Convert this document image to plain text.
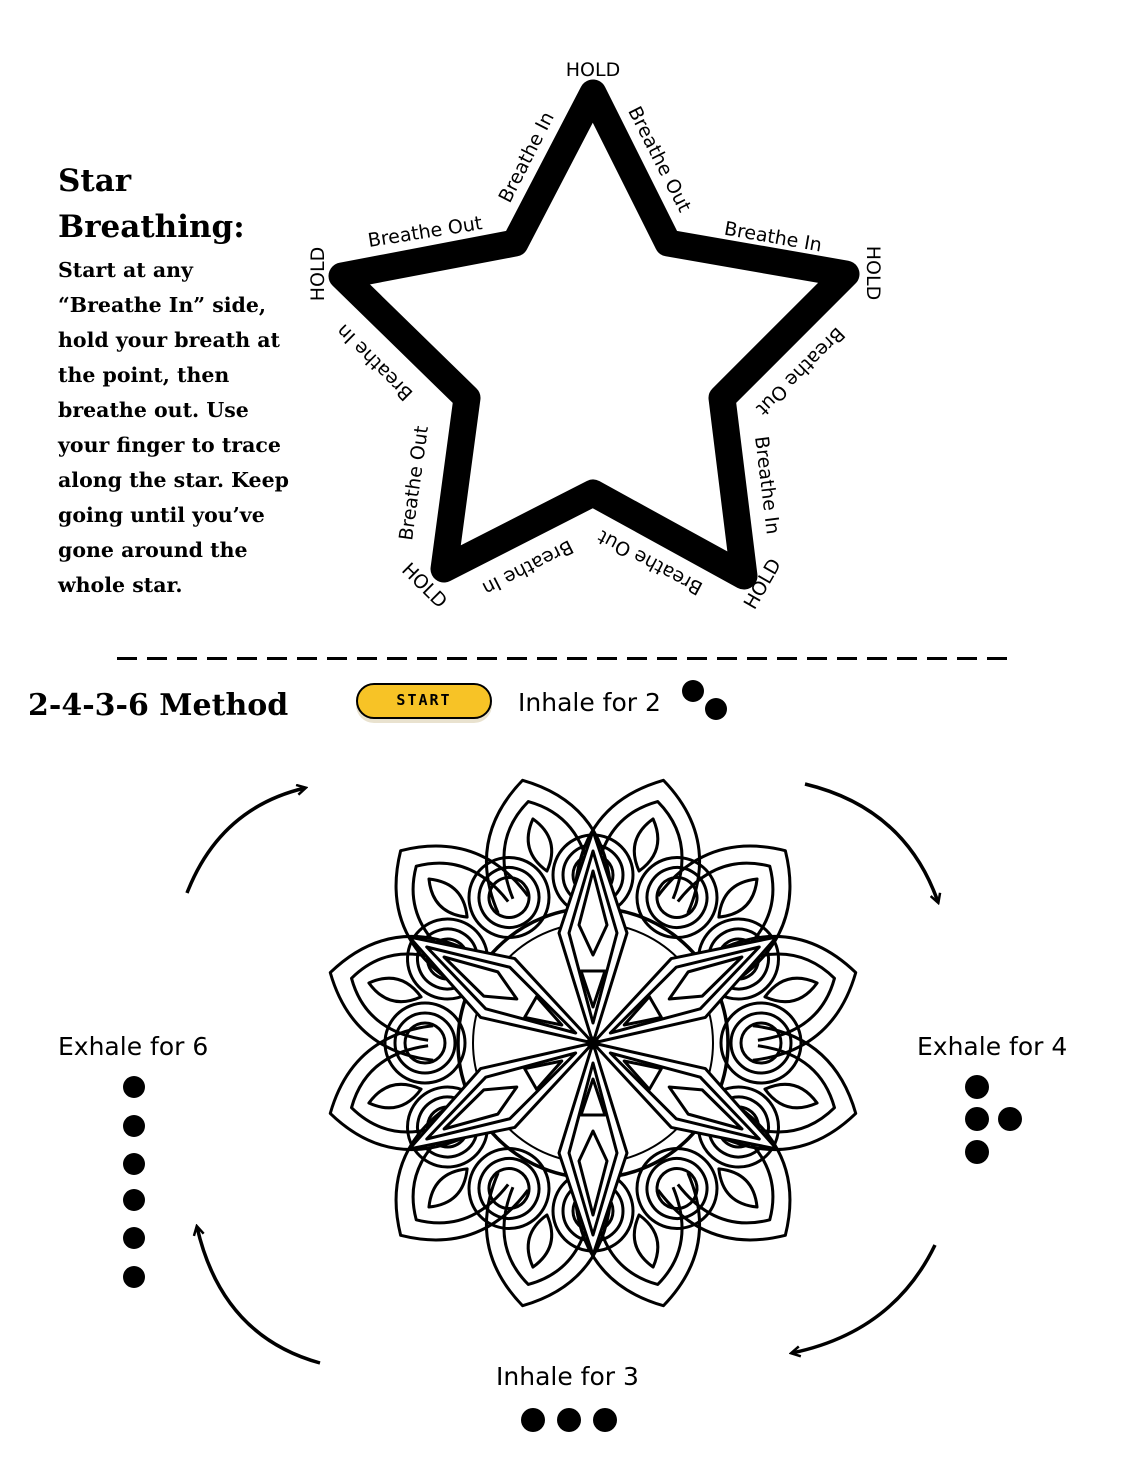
Star Breathing:

Start at any “Breathe In” side, hold your breath at the point, then breathe out. Use your finger to trace along the star. Keep going until you’ve gone around the whole star.

HOLD
HOLD
HOLD
HOLD
HOLD
Breathe In	Breathe Out
Breathe In
Breathe Out
Breathe In
Breathe Out
Breathe In
Breathe Out
Breathe In
Breathe Out
2-4-3-6 Method	START	Inhale for 2
Exhale for 4
Exhale for 6
Inhale for 3
